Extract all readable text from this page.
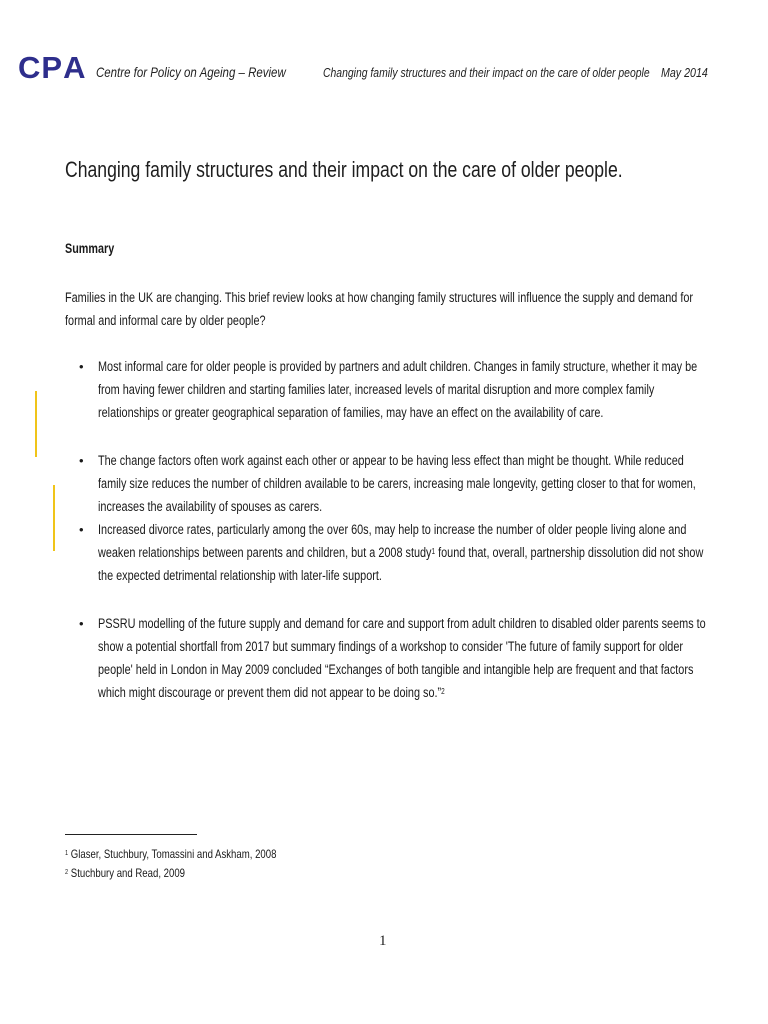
C P A Centre for Policy on Ageing – Review	Changing family structures and their impact on the care of older people May 2014
Changing family structures and their impact on the care of older people.
Summary

Families in the UK are changing. This brief review looks at how changing family structures will influence the supply and demand for formal and informal care by older people?

• Most informal care for older people is provided by partners and adult children. Changes in family structure, whether it may be from having fewer children and starting families later, increased levels of marital disruption and more complex family relationships or greater geographical separation of families, may have an effect on the availability of care.

• The change factors often work against each other or appear to be having less effect than might be thought. While reduced family size reduces the number of children available to be carers, increasing male longevity, getting closer to that for women, increases the availability of spouses as carers.

• Increased divorce rates, particularly among the over 60s, may help to increase the number of older people living alone and weaken relationships between parents and children, but a 2008 study$^1$ found that, overall, partnership dissolution did not show the expected detrimental relationship with later-life support.

• PSSRU modelling of the future supply and demand for care and support from adult children to disabled older parents seems to show a potential shortfall from 2017 but summary findings of a workshop to consider 'The future of family support for older people' held in London in May 2009 concluded “Exchanges of both tangible and intangible help are frequent and that factors which might discourage or prevent them did not appear to be doing so.”$^2$

$^1$ Glaser, Stuchbury, Tomassini and Askham, 2008

$^2$ Stuchbury and Read, 2009

1
